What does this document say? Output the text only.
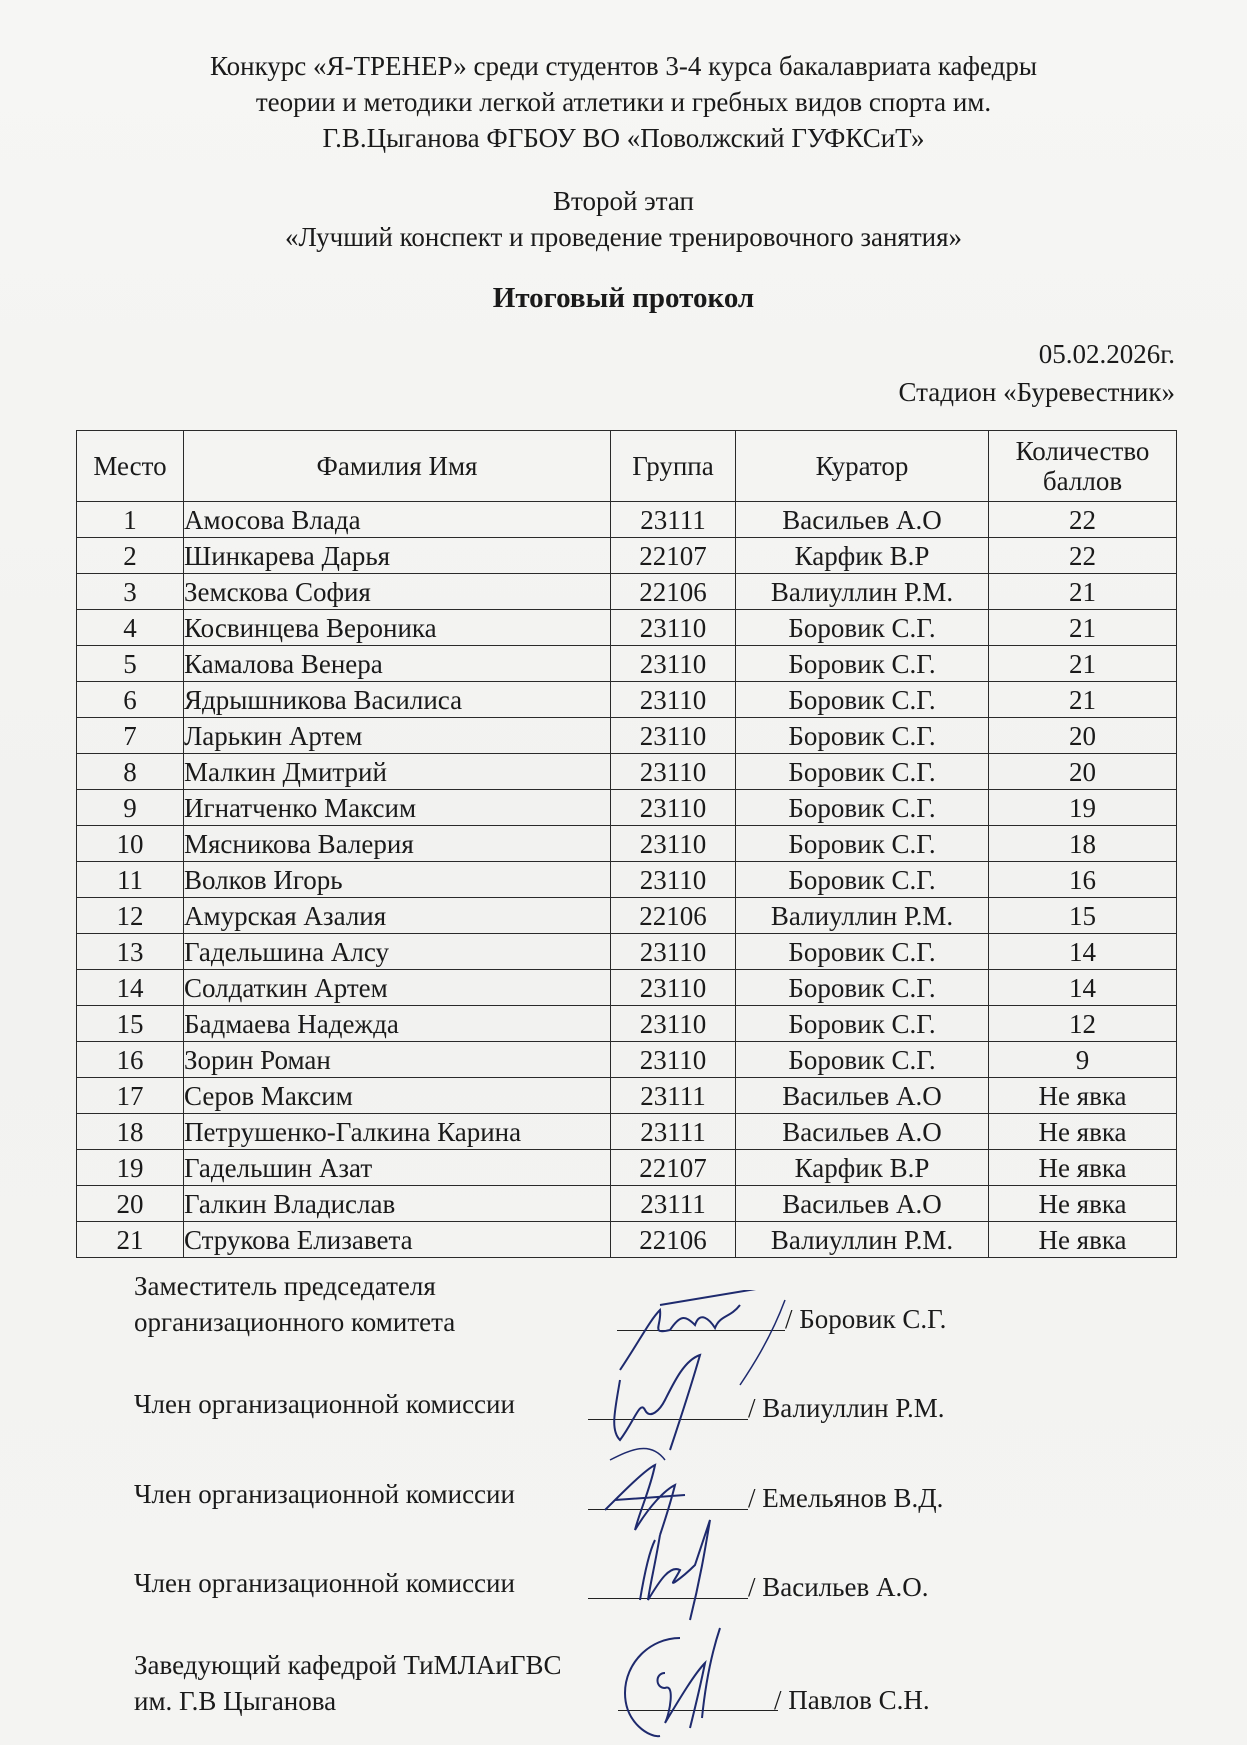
Конкурс «Я-ТРЕНЕР» среди студентов 3-4 курса бакалавриата кафедры
теории и методики легкой атлетики и гребных видов спорта им.
Г.В.Цыганова ФГБОУ ВО «Поволжский ГУФКСиТ»
Второй этап
«Лучший конспект и проведение тренировочного занятия»
Итоговый протокол
05.02.2026г.
Стадион «Буревестник»
Место	Фамилия Имя	Группа	Куратор	Количество
баллов

1	Амосова Влада	23111	Васильев А.О	22
2	Шинкарева Дарья	22107	Карфик В.Р	22
3	Земскова София	22106	Валиуллин Р.М.	21
4	Косвинцева Вероника	23110	Боровик С.Г.	21
5	Камалова Венера	23110	Боровик С.Г.	21
6	Ядрышникова Василиса	23110	Боровик С.Г.	21
7	Ларькин Артем	23110	Боровик С.Г.	20
8	Малкин Дмитрий	23110	Боровик С.Г.	20
9	Игнатченко Максим	23110	Боровик С.Г.	19
10	Мясникова Валерия	23110	Боровик С.Г.	18
11	Волков Игорь	23110	Боровик С.Г.	16
12	Амурская Азалия	22106	Валиуллин Р.М.	15
13	Гадельшина Алсу	23110	Боровик С.Г.	14
14	Солдаткин Артем	23110	Боровик С.Г.	14
15	Бадмаева Надежда	23110	Боровик С.Г.	12
16	Зорин Роман	23110	Боровик С.Г.	9
17	Серов Максим	23111	Васильев А.О	Не явка
18	Петрушенко-Галкина Карина	23111	Васильев А.О	Не явка
19	Гадельшин Азат	22107	Карфик В.Р	Не явка
20	Галкин Владислав	23111	Васильев А.О	Не явка
21	Струкова Елизавета	22106	Валиуллин Р.М.	Не явка
Заместитель председателя
организационного комитета	/ Боровик С.Г.
Член организационной комиссии	/ Валиуллин Р.М.
Член организационной комиссии	/ Емельянов В.Д.
Член организационной комиссии	/ Васильев А.О.
Заведующий кафедрой ТиМЛАиГВС
им. Г.В Цыганова	/ Павлов С.Н.
